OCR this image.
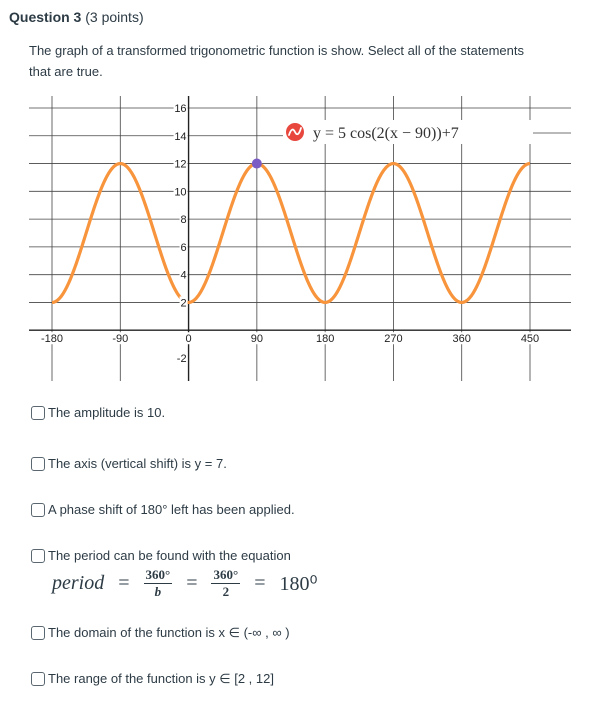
Question 3 (3 points)
The graph of a transformed trigonometric function is show. Select all of the statements that are true.
16
14
12
10
8
6
4
2
-2
-180	-90	0	90	180	270	360	450
y = 5 cos(2(x − 90))+7
The amplitude is 10.
The axis (vertical shift) is y = 7.
A phase shift of 180° left has been applied.
The period can be found with the equation
period = $\frac{360^\circ}{b} = \frac{360^\circ}{2} = 180^0$
The domain of the function is x ∈ (-∞ , ∞ )
The range of the function is y ∈ [2 , 12]
